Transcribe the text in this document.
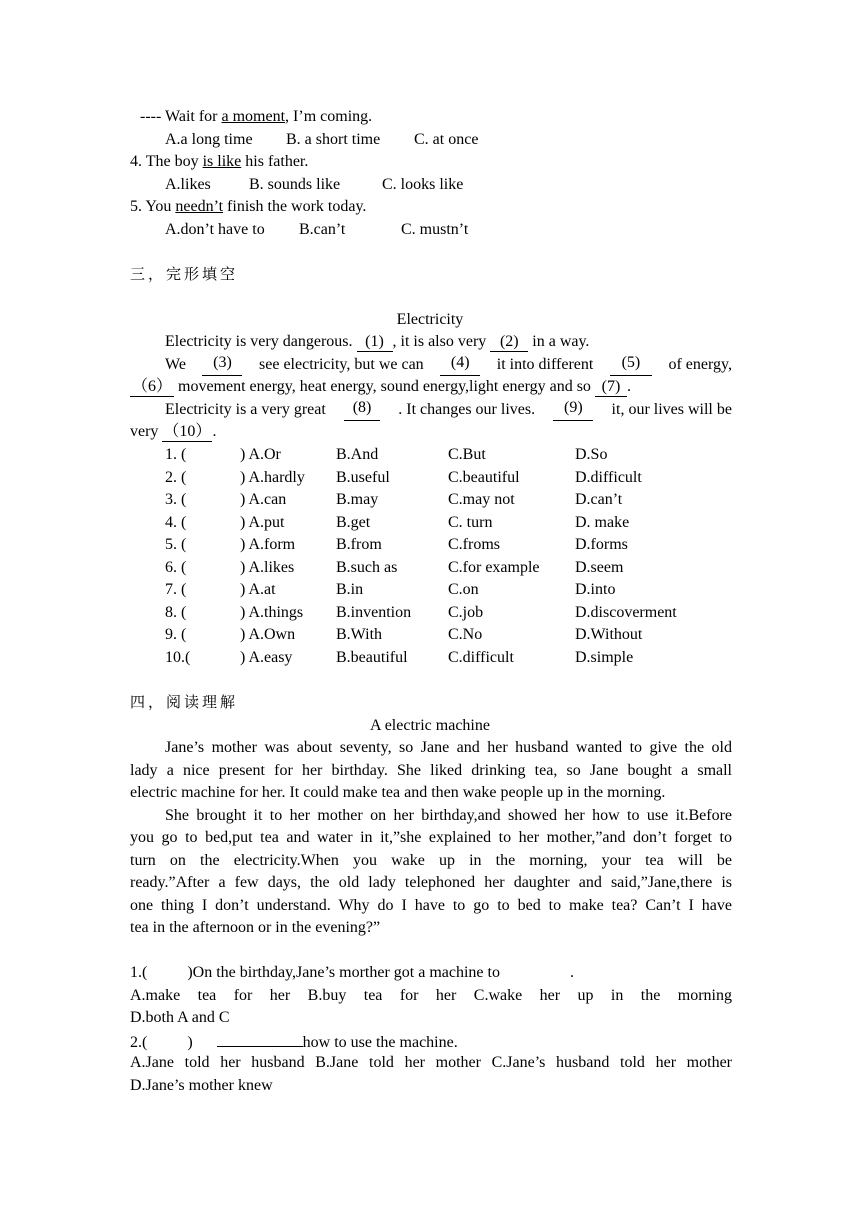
---- Wait for a moment, I’m coming.
A.a long time B. a short time C. at once
4. The boy is like his father.
A.likes B. sounds like	C. looks like
5. You needn’t finish the work today.
A.don’t have to B.can’t	C. mustn’t
三，完形填空
Electricity
Electricity is very dangerous. (1) , it is also very (2) in a way.
We	(3)	see electricity, but we can	(4)	it into different	(5)	of energy,
（6） movement energy, heat energy, sound energy,light energy and so (7) .
Electricity is a very great	(8)	. It changes our lives.	(9)	it, our lives will be
very （10）.
1. (	) A.Or	B.And	C.But	D.So
2. (	) A.hardly B.useful	C.beautiful	D.difficult
3. (	) A.can	B.may	C.may not	D.can’t
4. (	) A.put	B.get	C. turn	D. make
5. (	) A.form	B.from	C.froms	D.forms
6. (	) A.likes	B.such as	C.for example D.seem
7. (	) A.at	B.in	C.on	D.into
8. (	) A.things B.invention C.job	D.discoverment
9. (	) A.Own	B.With	C.No	D.Without
10.(	) A.easy	B.beautiful	C.difficult	D.simple
四，阅读理解
A electric machine
Jane’s mother was about seventy, so Jane and her husband wanted to give the old
lady a nice present for her birthday. She liked drinking tea, so Jane bought a small
electric machine for her. It could make tea and then wake people up in the morning.
She brought it to her mother on her birthday,and showed her how to use it.Before
you go to bed,put tea and water in it,”she explained to her mother,”and don’t forget to
turn on the electricity.When you wake up in the morning, your tea will be
ready.”After a few days, the old lady telephoned her daughter and said,”Jane,there is
one thing I don’t understand. Why do I have to go to bed to make tea? Can’t I have
tea in the afternoon or in the evening?”
1.(	)On the birthday,Jane’s morther got a machine to	.
A.make tea for her B.buy tea for her C.wake her up in the morning
D.both A and C
2.(	)	how to use the machine.
A.Jane told her husband B.Jane told her mother C.Jane’s husband told her mother
D.Jane’s mother knew
